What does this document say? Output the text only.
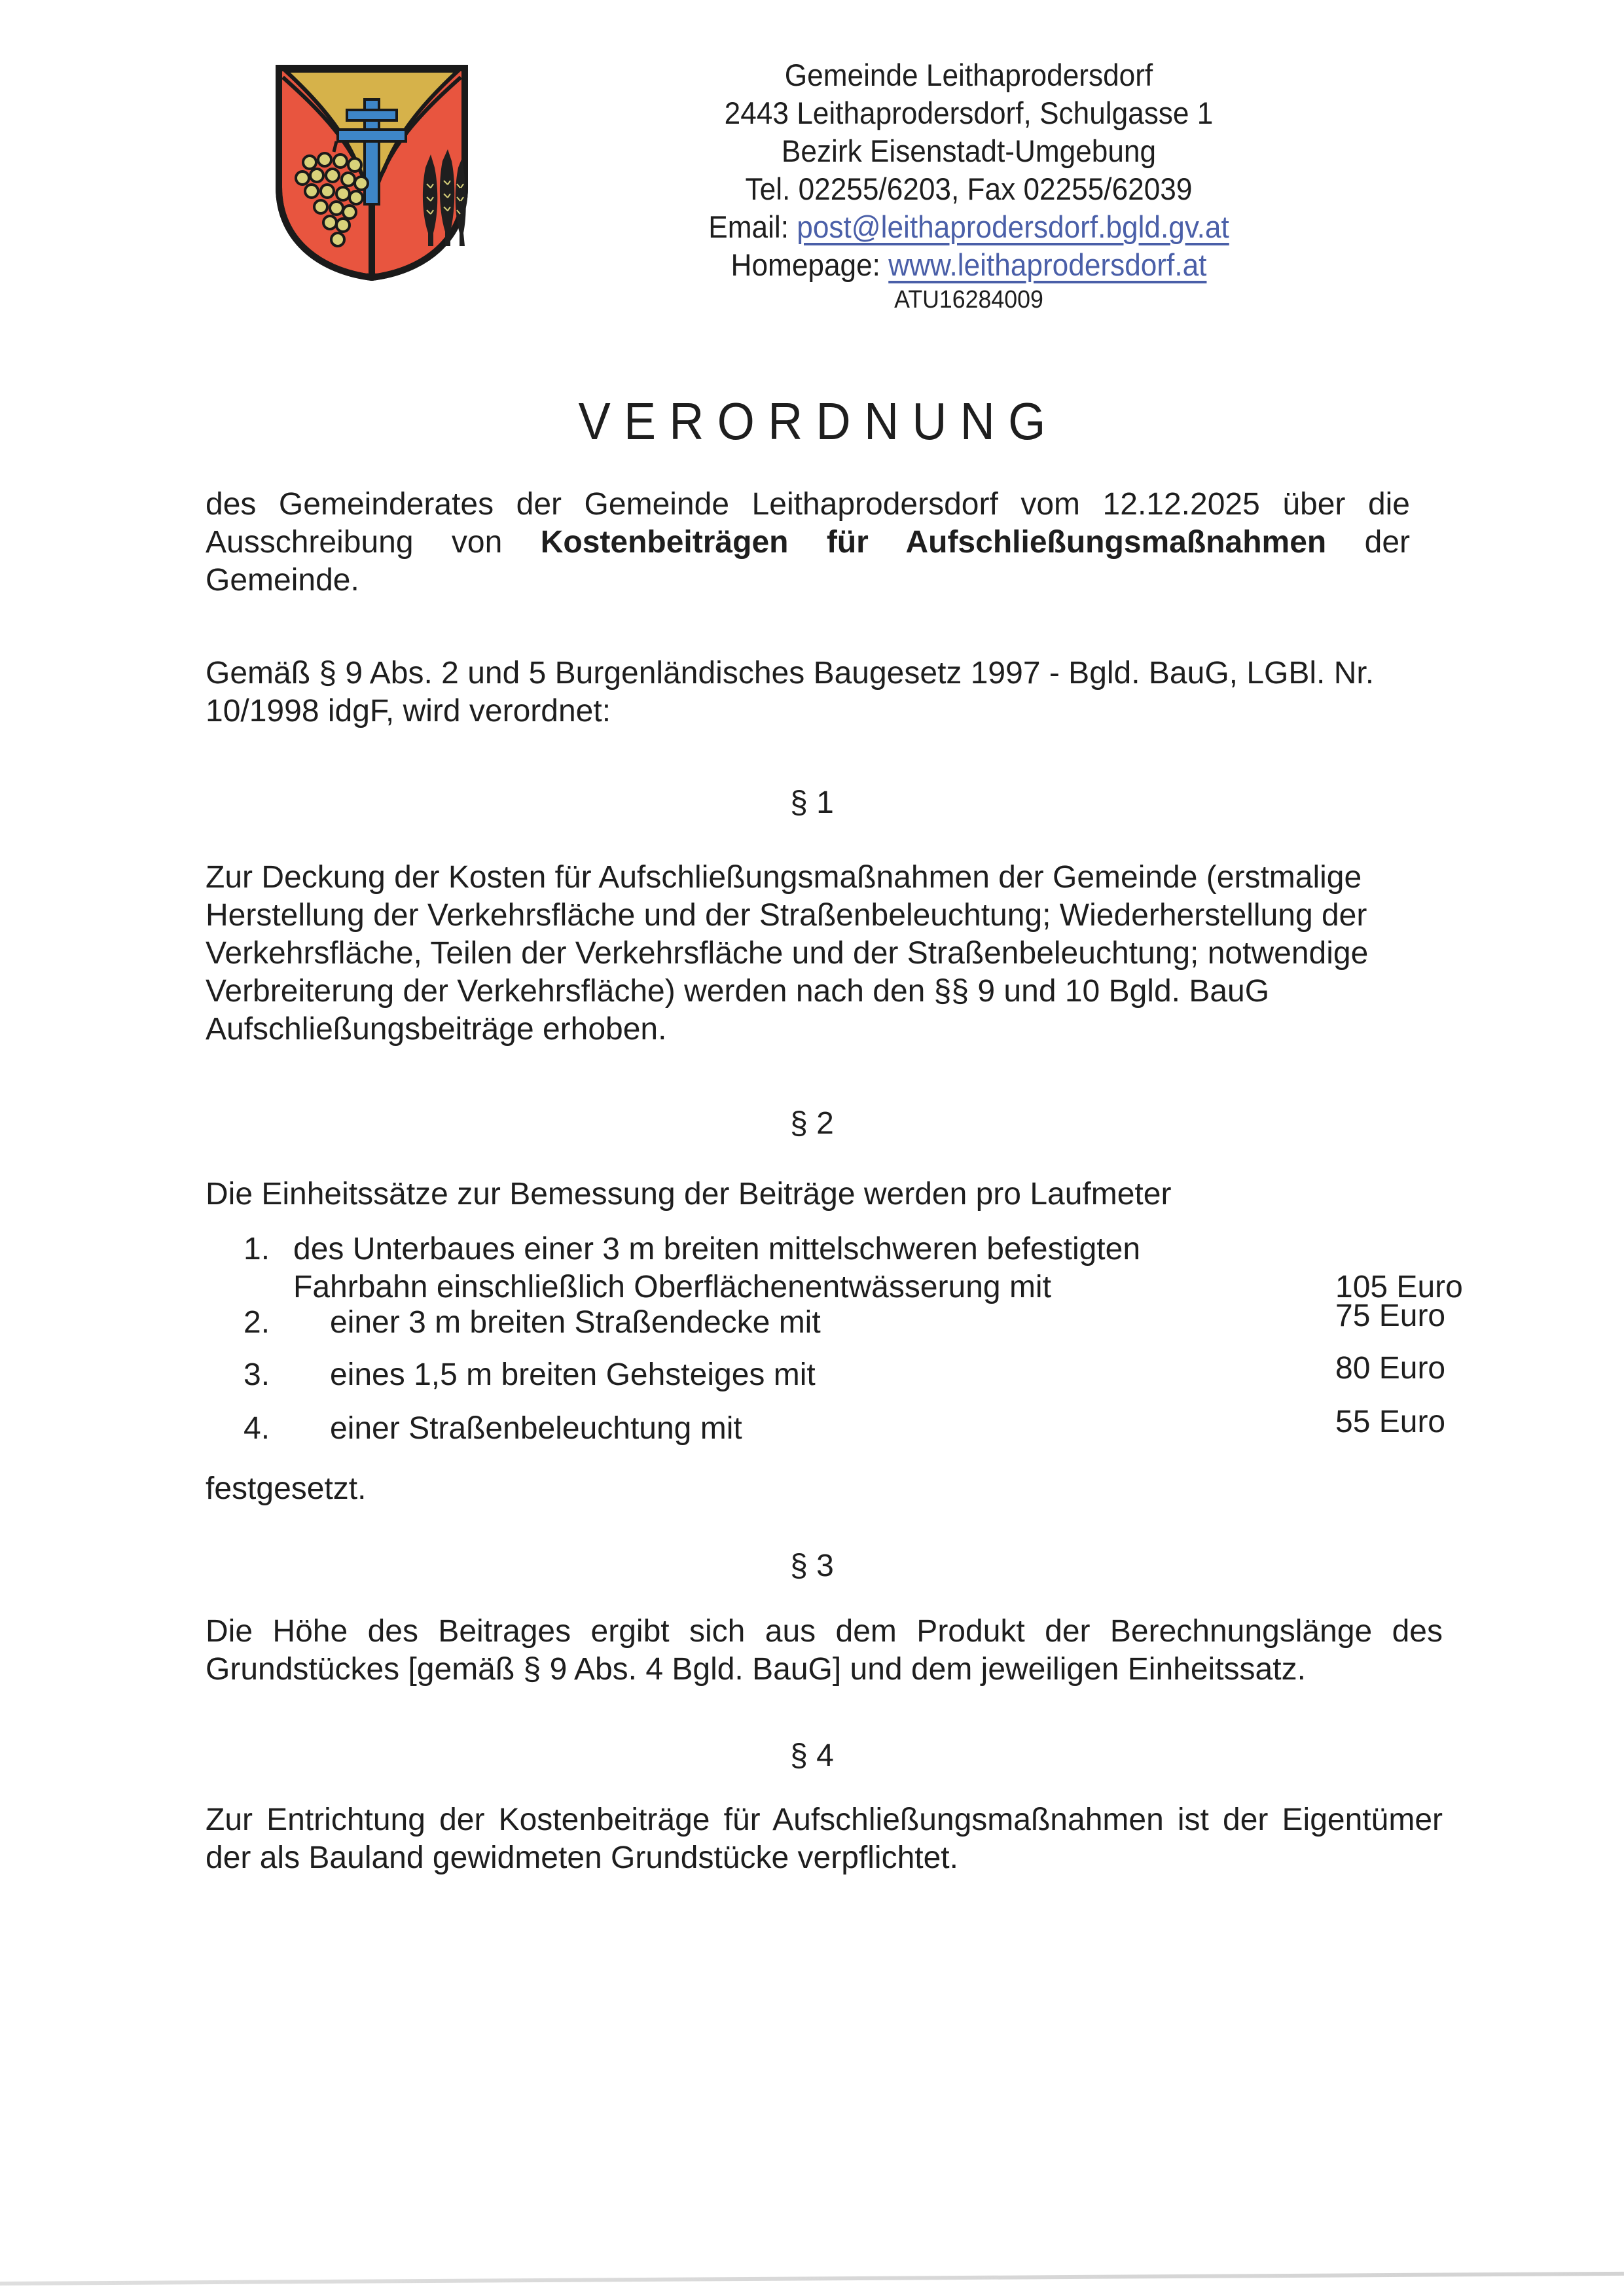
Gemeinde Leithaprodersdorf
2443 Leithaprodersdorf, Schulgasse 1
Bezirk Eisenstadt-Umgebung
Tel. 02255/6203, Fax 02255/62039
Email: post@leithaprodersdorf.bgld.gv.at
Homepage: www.leithaprodersdorf.at
ATU16284009
VERORDNUNG

des Gemeinderates der Gemeinde Leithaprodersdorf vom 12.12.2025 über die Ausschreibung von Kostenbeiträgen für Aufschließungsmaßnahmen der Gemeinde.

Gemäß § 9 Abs. 2 und 5 Burgenländisches Baugesetz 1997 - Bgld. BauG, LGBl. Nr. 10/1998 idgF, wird verordnet:

§ 1

Zur Deckung der Kosten für Aufschließungsmaßnahmen der Gemeinde (erstmalige Herstellung der Verkehrsfläche und der Straßenbeleuchtung; Wiederherstellung der Verkehrsfläche, Teilen der Verkehrsfläche und der Straßenbeleuchtung; notwendige Verbreiterung der Verkehrsfläche) werden nach den §§ 9 und 10 Bgld. BauG Aufschließungsbeiträge erhoben.

§ 2

Die Einheitssätze zur Bemessung der Beiträge werden pro Laufmeter

1. des Unterbaues einer 3 m breiten mittelschweren befestigten
Fahrbahn einschließlich Oberflächenentwässerung mit	105 Euro
2.	einer 3 m breiten Straßendecke mit	75 Euro
3.	eines 1,5 m breiten Gehsteiges mit	80 Euro
4.	einer Straßenbeleuchtung mit	55 Euro

festgesetzt.

§ 3

Die Höhe des Beitrages ergibt sich aus dem Produkt der Berechnungslänge des Grundstückes [gemäß § 9 Abs. 4 Bgld. BauG] und dem jeweiligen Einheitssatz.

§ 4

Zur Entrichtung der Kostenbeiträge für Aufschließungsmaßnahmen ist der Eigentümer der als Bauland gewidmeten Grundstücke verpflichtet.
